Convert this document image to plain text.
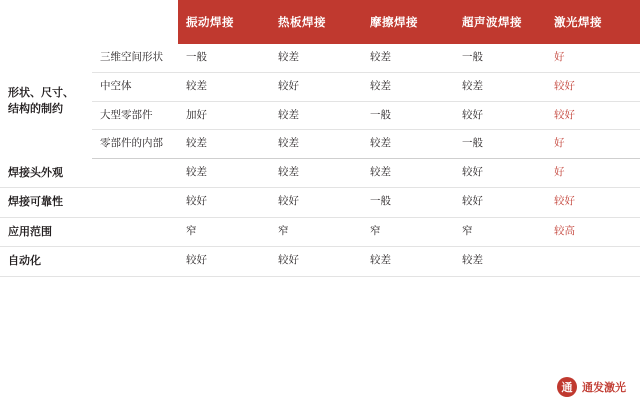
		振动焊接	热板焊接	摩擦焊接	超声波焊接	激光焊接
形状、尺寸、结构的制约	三维空间形状	一般	较差	较差	一般	好
	中空体	较差	较好	较差	较差	较好
	大型零部件	加好	较差	一般	较好	较好
	零部件的内部	较差	较差	较差	一般	好
焊接头外观		较差	较差	较差	较好	好
焊接可靠性		较好	较好	一般	较好	较好
应用范围		窄	窄	窄	窄	较高
自动化		较好	较好	较差	较差	
通 通发激光
